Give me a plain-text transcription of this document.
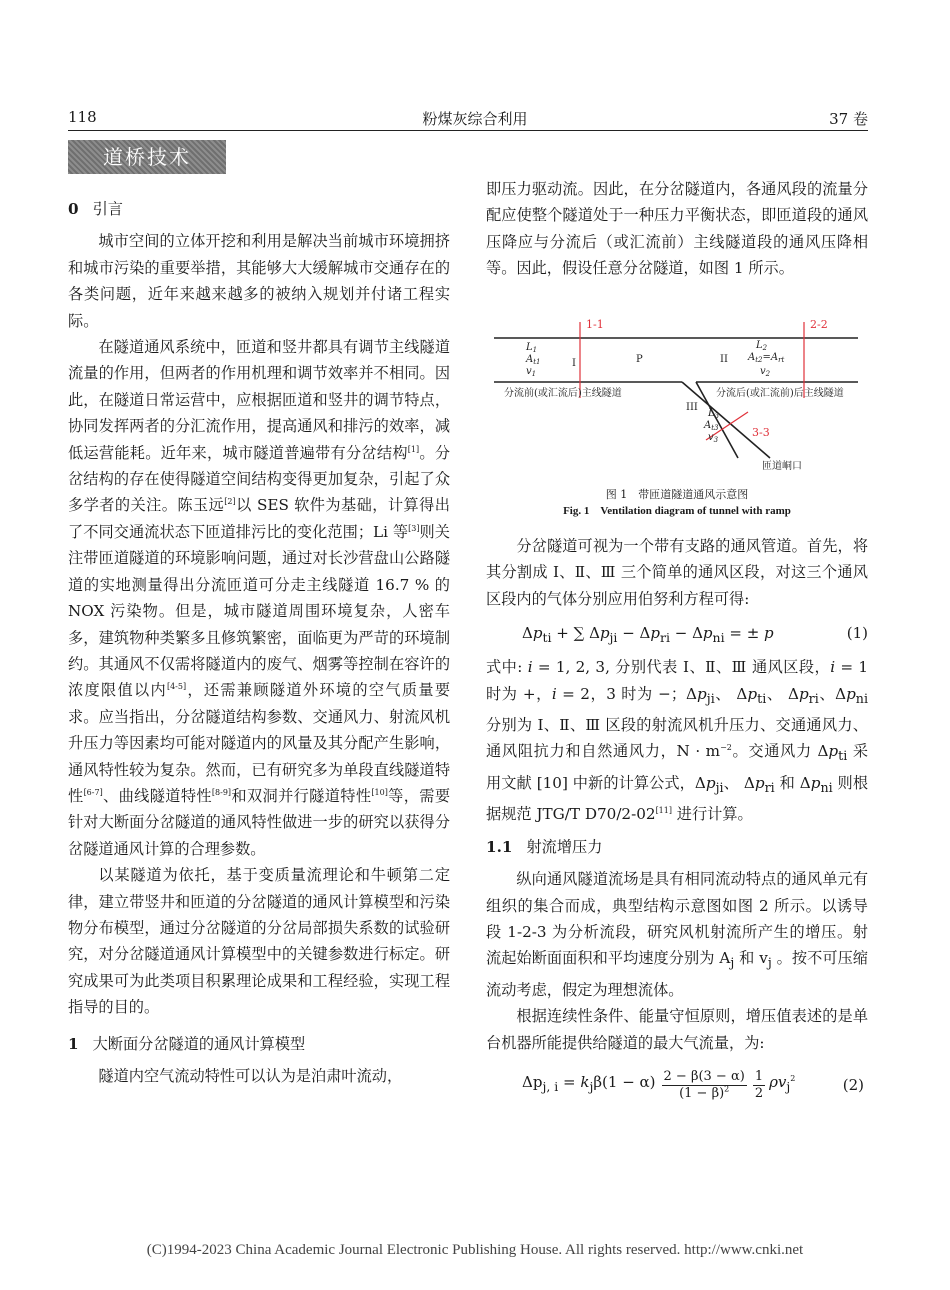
118	粉煤灰综合利用	37 卷
道桥技术

0 引言

城市空间的立体开挖和利用是解决当前城市环境拥挤和城市污染的重要举措，其能够大大缓解城市交通存在的各类问题，近年来越来越多的被纳入规划并付诸工程实际。

在隧道通风系统中，匝道和竖井都具有调节主线隧道流量的作用，但两者的作用机理和调节效率并不相同。因此，在隧道日常运营中，应根据匝道和竖井的调节特点，协同发挥两者的分汇流作用，提高通风和排污的效率，减低运营能耗。近年来，城市隧道普遍带有分岔结构[1]。分岔结构的存在使得隧道空间结构变得更加复杂，引起了众多学者的关注。陈玉远[2]以 SES 软件为基础，计算得出了不同交通流状态下匝道排污比的变化范围；Li 等[3]则关注带匝道隧道的环境影响问题，通过对长沙营盘山公路隧道的实地测量得出分流匝道可分走主线隧道 16.7 % 的 NOX 污染物。但是，城市隧道周围环境复杂，人密车多，建筑物种类繁多且修筑繁密，面临更为严苛的环境制约。其通风不仅需将隧道内的废气、烟雾等控制在容许的浓度限值以内[4-5]，还需兼顾隧道外环境的空气质量要求。应当指出，分岔隧道结构参数、交通风力、射流风机升压力等因素均可能对隧道内的风量及其分配产生影响，通风特性较为复杂。然而，已有研究多为单段直线隧道特性[6-7]、曲线隧道特性[8-9]和双洞并行隧道特性[10]等，需要针对大断面分岔隧道的通风特性做进一步的研究以获得分岔隧道通风计算的合理参数。

以某隧道为依托，基于变质量流理论和牛顿第二定律，建立带竖井和匝道的分岔隧道的通风计算模型和污染物分布模型，通过分岔隧道的分岔局部损失系数的试验研究，对分岔隧道通风计算模型中的关键参数进行标定。研究成果可为此类项目积累理论成果和工程经验，实现工程指导的目的。

1 大断面分岔隧道的通风计算模型

隧道内空气流动特性可以认为是泊肃叶流动，

即压力驱动流。因此，在分岔隧道内，各通风段的流量分配应使整个隧道处于一种压力平衡状态，即匝道段的通风压降应与分流后（或汇流前）主线隧道段的通风压降相等。因此，假设任意分岔隧道，如图 1 所示。

1-1	2-2
3-3
$L_1$
$A_{t1}$
$v_1$
I	P	II
$L_2$
$A_{t2}=A_{rt}$
$v_2$
III
$L_3$
$A_{t3}$
$v_3$
分流前(或汇流后)主线隧道	分流后(或汇流前)后主线隧道
匝道峒口
图 1　带匝道隧道通风示意图
Fig. 1　Ventilation diagram of tunnel with ramp

分岔隧道可视为一个带有支路的通风管道。首先，将其分割成 Ⅰ、Ⅱ、Ⅲ 三个简单的通风区段，对这三个通风区段内的气体分别应用伯努利方程可得:

$\Delta p_{ti}$ + ∑ $\Delta p_{ji} - \Delta p_{ri} - \Delta p_{ni}$ = ± p	(1)

式中: i = 1, 2, 3, 分别代表 Ⅰ、Ⅱ、Ⅲ 通风区段，i = 1 时为 +，i = 2，3 时为 −；$\Delta p_{ji}$、 $\Delta p_{ti}$、 $\Delta p_{ri}$、$\Delta p_{ni}$ 分别为 Ⅰ、Ⅱ、Ⅲ 区段的射流风机升压力、交通通风力、通风阻抗力和自然通风力，$N \cdot m^{-2}$。交通风力 $\Delta p_{ti}$ 采用文献 [10] 中新的计算公式，$\Delta p_{ji}$、 $\Delta p_{ri}$ 和 $\Delta p_{ni}$ 则根据规范 JTG/T D70/2-02[11] 进行计算。

1.1 射流增压力

纵向通风隧道流场是具有相同流动特点的通风单元有组织的集合而成，典型结构示意图如图 2 所示。以诱导段 1-2-3 为分析流段，研究风机射流所产生的增压。射流起始断面面积和平均速度分别为 $A_j$ 和 $v_j$ 。按不可压缩流动考虑，假定为理想流体。

根据连续性条件、能量守恒原则，增压值表述的是单台机器所能提供给隧道的最大气流量，为:

$\Delta p_{j, i} = k_j\beta(1 - \alpha) 2 - \beta(3 - \alpha)$
$(1 - \beta)^2$
1
2
$\rho v_j^2$	(2)
(C)1994-2023 China Academic Journal Electronic Publishing House. All rights reserved. http://www.cnki.net
